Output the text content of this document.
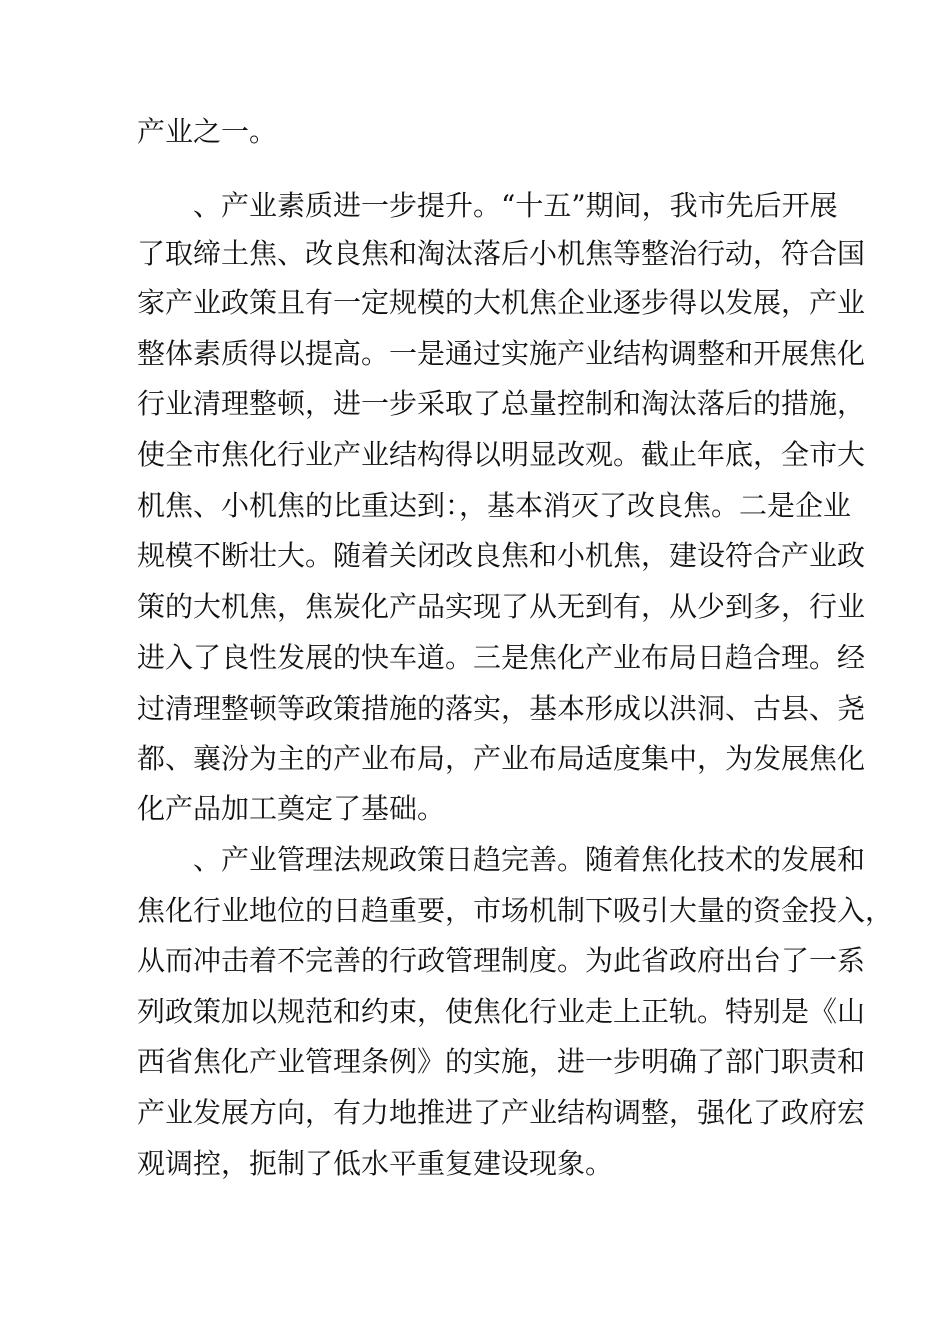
产业之一。
、产业素质进一步提升。“十五”期间，我市先后开展
了取缔土焦、改良焦和淘汰落后小机焦等整治行动，符合国
家产业政策且有一定规模的大机焦企业逐步得以发展，产业
整体素质得以提高。一是通过实施产业结构调整和开展焦化
行业清理整顿，进一步采取了总量控制和淘汰落后的措施，
使全市焦化行业产业结构得以明显改观。截止年底，全市大
机焦、小机焦的比重达到：，基本消灭了改良焦。二是企业
规模不断壮大。随着关闭改良焦和小机焦，建设符合产业政
策的大机焦，焦炭化产品实现了从无到有，从少到多，行业
进入了良性发展的快车道。三是焦化产业布局日趋合理。经
过清理整顿等政策措施的落实，基本形成以洪洞、古县、尧
都、襄汾为主的产业布局，产业布局适度集中，为发展焦化
化产品加工奠定了基础。
、产业管理法规政策日趋完善。随着焦化技术的发展和
焦化行业地位的日趋重要，市场机制下吸引大量的资金投入，
从而冲击着不完善的行政管理制度。为此省政府出台了一系
列政策加以规范和约束，使焦化行业走上正轨。特别是《山
西省焦化产业管理条例》的实施，进一步明确了部门职责和
产业发展方向，有力地推进了产业结构调整，强化了政府宏
观调控，扼制了低水平重复建设现象。
